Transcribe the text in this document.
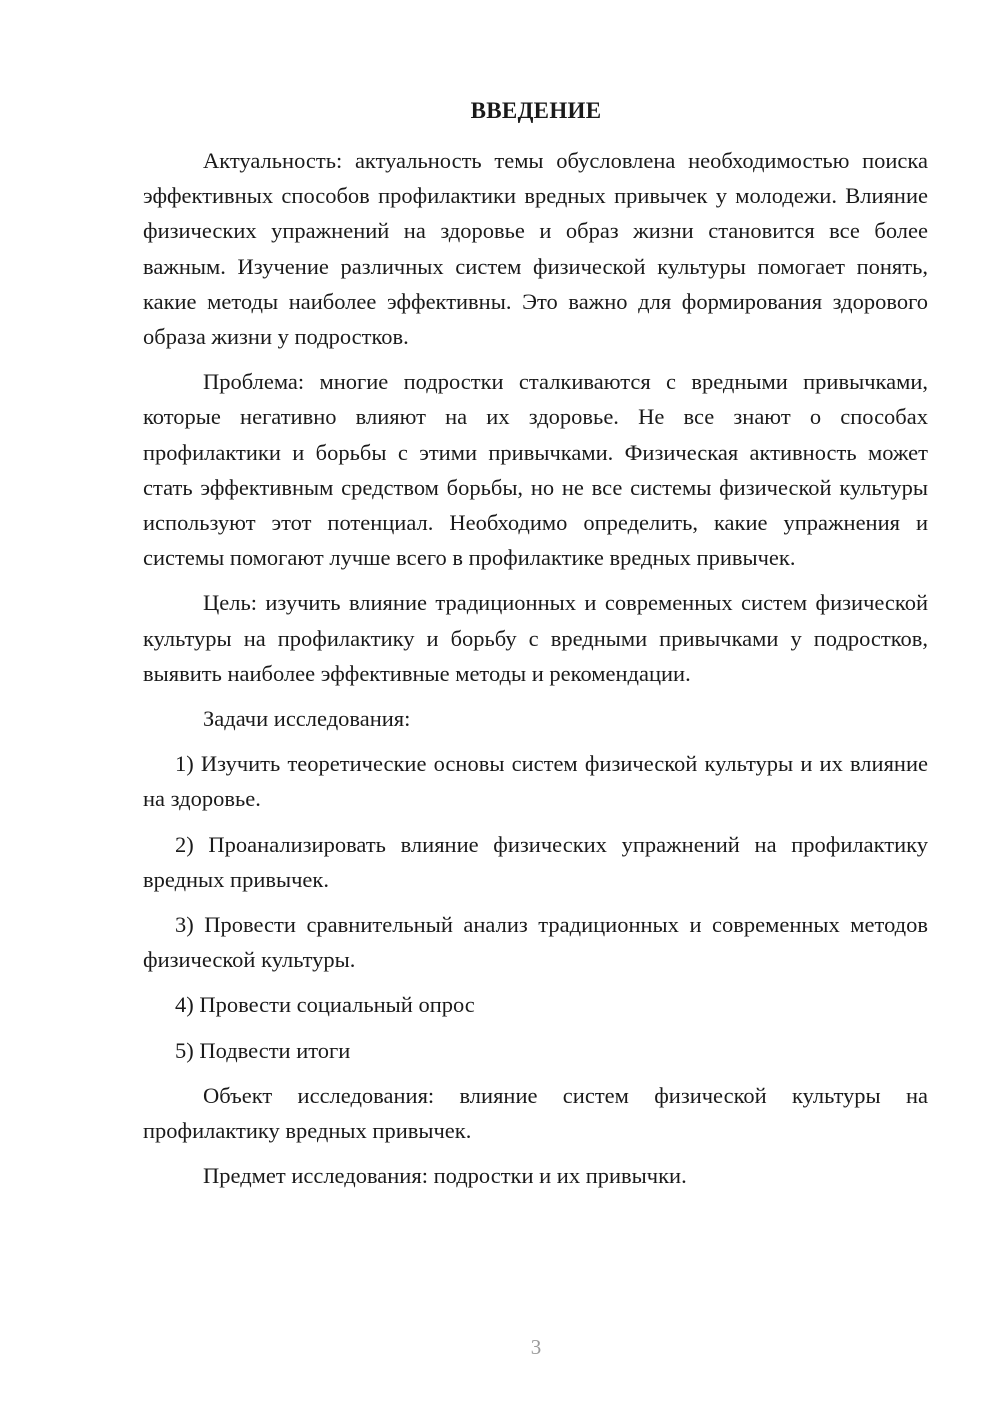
ВВЕДЕНИЕ

Актуальность: актуальность темы обусловлена необходимостью поиска эффективных способов профилактики вредных привычек у молодежи. Влияние физических упражнений на здоровье и образ жизни становится все более важным. Изучение различных систем физической культуры помогает понять, какие методы наиболее эффективны. Это важно для формирования здорового образа жизни у подростков.

Проблема: многие подростки сталкиваются с вредными привычками, которые негативно влияют на их здоровье. Не все знают о способах профилактики и борьбы с этими привычками. Физическая активность может стать эффективным средством борьбы, но не все системы физической культуры используют этот потенциал. Необходимо определить, какие упражнения и системы помогают лучше всего в профилактике вредных привычек.

Цель: изучить влияние традиционных и современных систем физической культуры на профилактику и борьбу с вредными привычками у подростков, выявить наиболее эффективные методы и рекомендации.

Задачи исследования:

1) Изучить теоретические основы систем физической культуры и их влияние на здоровье.

2) Проанализировать влияние физических упражнений на профилактику вредных привычек.

3) Провести сравнительный анализ традиционных и современных методов физической культуры.

4) Провести социальный опрос

5) Подвести итоги

Объект исследования: влияние систем физической культуры на профилактику вредных привычек.

Предмет исследования: подростки и их привычки.

3
